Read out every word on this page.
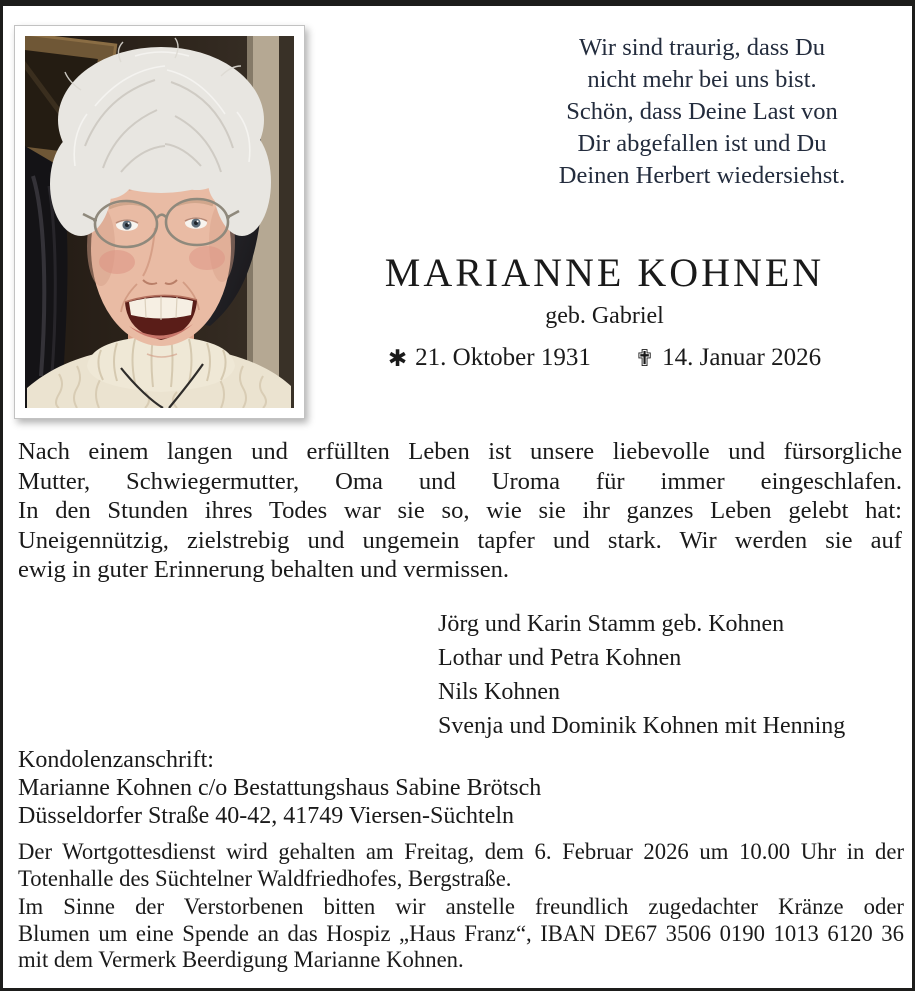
Wir sind traurig, dass Du
nicht mehr bei uns bist.
Schön, dass Deine Last von
Dir abgefallen ist und Du
Deinen Herbert wiedersiehst.
MARIANNE KOHNEN
geb. Gabriel
✱ 21. Oktober 1931 ✟ 14. Januar 2026
Nach einem langen und erfüllten Leben ist unsere liebevolle und fürsorgliche
Mutter, Schwiegermutter, Oma und Uroma für immer eingeschlafen.
In den Stunden ihres Todes war sie so, wie sie ihr ganzes Leben gelebt hat:
Uneigennützig, zielstrebig und ungemein tapfer und stark. Wir werden sie auf
ewig in guter Erinnerung behalten und vermissen.
Jörg und Karin Stamm geb. Kohnen
Lothar und Petra Kohnen
Nils Kohnen
Svenja und Dominik Kohnen mit Henning
Kondolenzanschrift:
Marianne Kohnen c/o Bestattungshaus Sabine Brötsch
Düsseldorfer Straße 40-42, 41749 Viersen-Süchteln
Der Wortgottesdienst wird gehalten am Freitag, dem 6. Februar 2026 um 10.00 Uhr in der
Totenhalle des Süchtelner Waldfriedhofes, Bergstraße.
Im Sinne der Verstorbenen bitten wir anstelle freundlich zugedachter Kränze oder
Blumen um eine Spende an das Hospiz „Haus Franz“, IBAN DE67 3506 0190 1013 6120 36
mit dem Vermerk Beerdigung Marianne Kohnen.
